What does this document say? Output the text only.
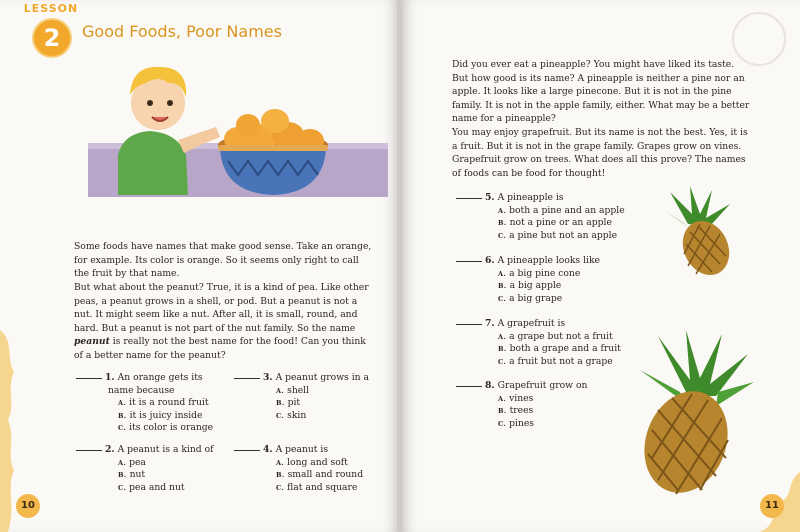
LESSON
2	Good Foods, Poor Names

Some foods have names that make good sense. Take an orange, for example. Its color is orange. So it seems only right to call the fruit by that name.

But what about the peanut? True, it is a kind of pea. Like other peas, a peanut grows in a shell, or pod. But a peanut is not a nut. It might seem like a nut. After all, it is small, round, and hard. But a peanut is not part of the nut family. So the name peanut is really not the best name for the food! Can you think of a better name for the peanut?

1. An orange gets its
name because
A. it is a round fruit
B. it is juicy inside
C. its color is orange
3. A peanut grows in a
A. shell
B. pit
C. skin
2. A peanut is a kind of
A. pea
B. nut
C. pea and nut
4. A peanut is
A. long and soft
B. small and round
C. flat and square
10

Did you ever eat a pineapple? You might have liked its taste. But how good is its name? A pineapple is neither a pine nor an apple. It looks like a large pinecone. But it is not in the pine family. It is not in the apple family, either. What may be a better name for a pineapple?

You may enjoy grapefruit. But its name is not the best. Yes, it is a fruit. But it is not in the grape family. Grapes grow on vines. Grapefruit grow on trees. What does all this prove? The names of foods can be food for thought!

5. A pineapple is
A. both a pine and an apple
B. not a pine or an apple
C. a pine but not an apple
6. A pineapple looks like
A. a big pine cone
B. a big apple
C. a big grape
7. A grapefruit is
A. a grape but not a fruit
B. both a grape and a fruit
C. a fruit but not a grape
8. Grapefruit grow on
A. vines
B. trees
C. pines
11
